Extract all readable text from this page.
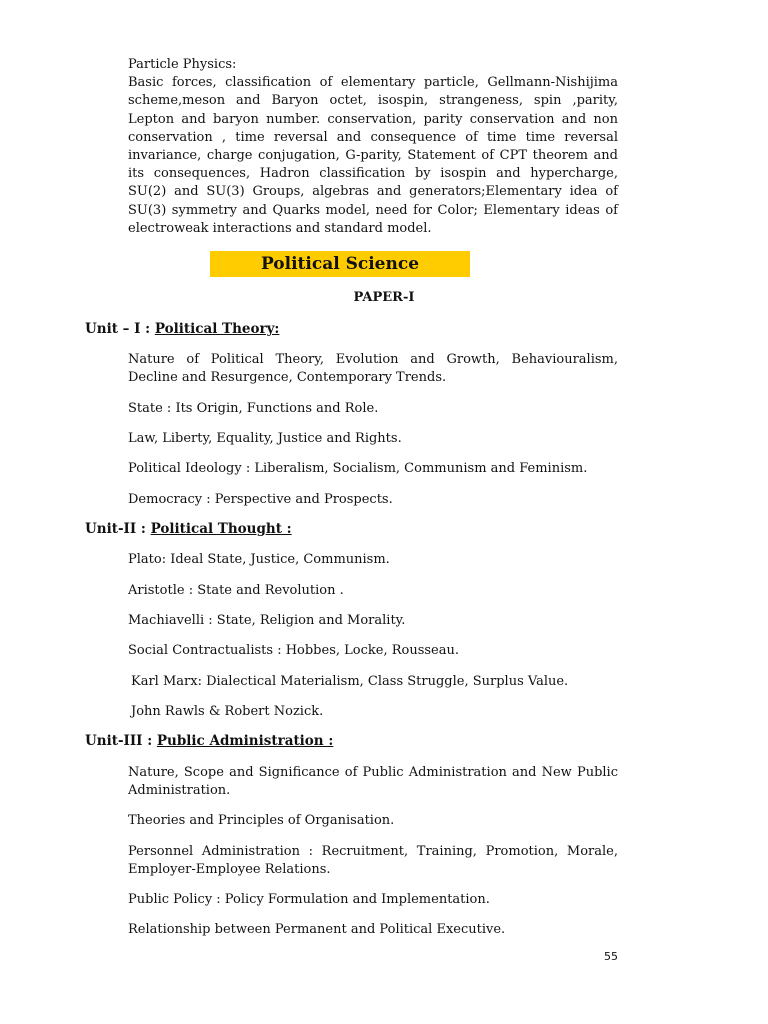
Particle Physics:

Basic forces, classification of elementary particle, Gellmann-Nishijima scheme,meson and Baryon octet, isospin, strangeness, spin ,parity, Lepton and baryon number. conservation, parity conservation and non conservation , time reversal and consequence of time time reversal invariance, charge conjugation, G-parity, Statement of CPT theorem and its consequences, Hadron classification by isospin and hypercharge, SU(2) and SU(3) Groups, algebras and generators;Elementary idea of SU(3) symmetry and Quarks model, need for Color; Elementary ideas of electroweak interactions and standard model.

Political Science
PAPER-I
Unit – I : Political Theory:
Nature of Political Theory, Evolution and Growth, Behaviouralism, Decline and Resurgence, Contemporary Trends.
State : Its Origin, Functions and Role.
Law, Liberty, Equality, Justice and Rights.
Political Ideology : Liberalism, Socialism, Communism and Feminism.
Democracy : Perspective and Prospects.
Unit-II : Political Thought :
Plato: Ideal State, Justice, Communism.
Aristotle : State and Revolution .
Machiavelli : State, Religion and Morality.
Social Contractualists : Hobbes, Locke, Rousseau.
Karl Marx: Dialectical Materialism, Class Struggle, Surplus Value.
John Rawls & Robert Nozick.
Unit-III : Public Administration :
Nature, Scope and Significance of Public Administration and New Public Administration.
Theories and Principles of Organisation.
Personnel Administration : Recruitment, Training, Promotion, Morale, Employer-Employee Relations.
Public Policy : Policy Formulation and Implementation.
Relationship between Permanent and Political Executive.
55
